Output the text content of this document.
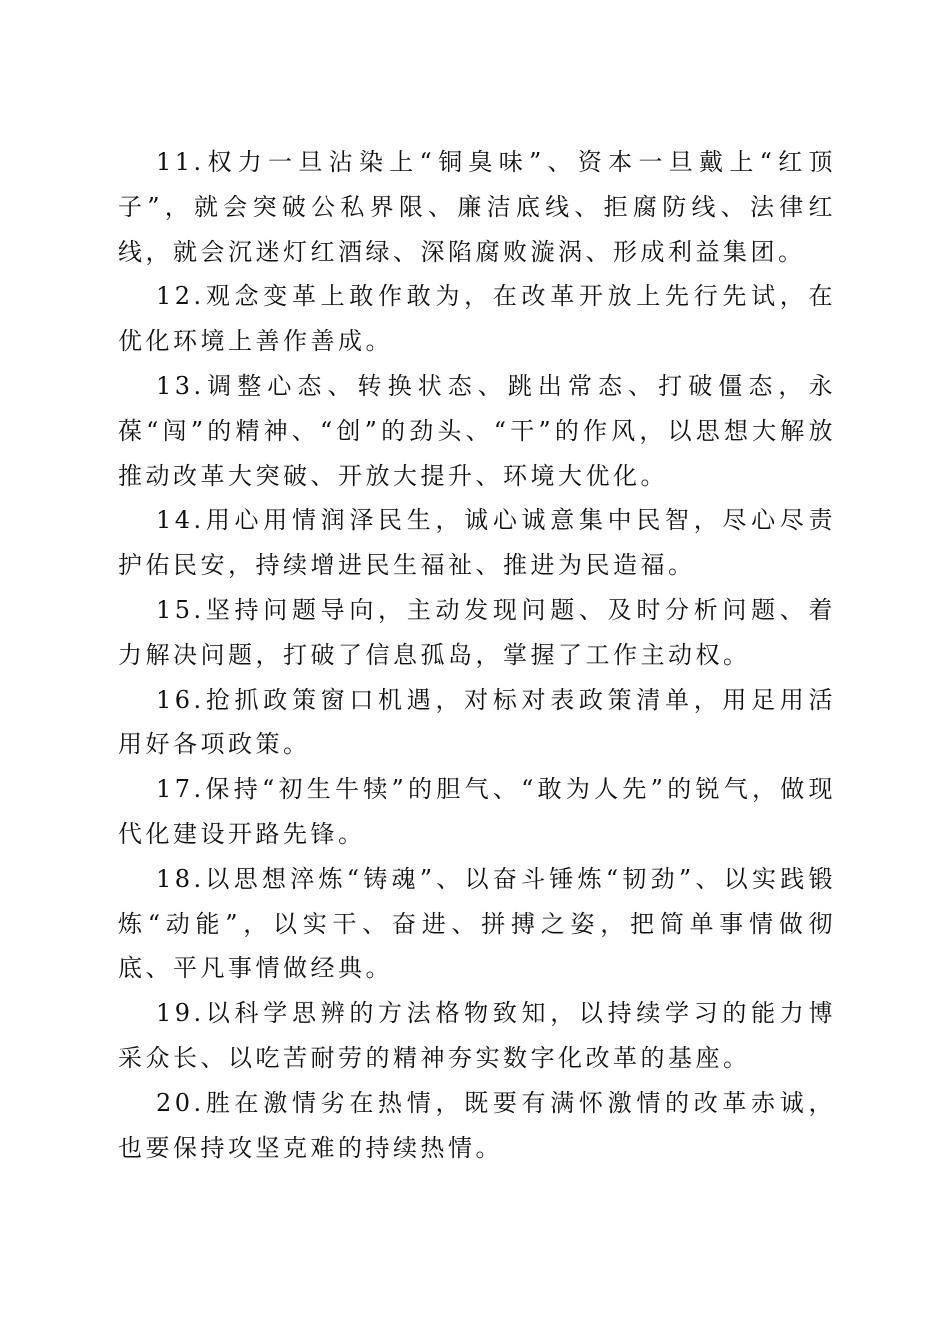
11.权力一旦沾染上“铜臭味”、资本一旦戴上“红顶子”，就会突破公私界限、廉洁底线、拒腐防线、法律红线，就会沉迷灯红酒绿、深陷腐败漩涡、形成利益集团。

12.观念变革上敢作敢为，在改革开放上先行先试，在优化环境上善作善成。

13.调整心态、转换状态、跳出常态、打破僵态，永葆“闯”的精神、“创”的劲头、“干”的作风，以思想大解放推动改革大突破、开放大提升、环境大优化。

14.用心用情润泽民生，诚心诚意集中民智，尽心尽责护佑民安，持续增进民生福祉、推进为民造福。

15.坚持问题导向，主动发现问题、及时分析问题、着力解决问题，打破了信息孤岛，掌握了工作主动权。

16.抢抓政策窗口机遇，对标对表政策清单，用足用活用好各项政策。

17.保持“初生牛犊”的胆气、“敢为人先”的锐气，做现代化建设开路先锋。

18.以思想淬炼“铸魂”、以奋斗锤炼“韧劲”、以实践锻炼“动能”，以实干、奋进、拼搏之姿，把简单事情做彻底、平凡事情做经典。

19.以科学思辨的方法格物致知，以持续学习的能力博采众长、以吃苦耐劳的精神夯实数字化改革的基座。

20.胜在激情劣在热情，既要有满怀激情的改革赤诚，也要保持攻坚克难的持续热情。
